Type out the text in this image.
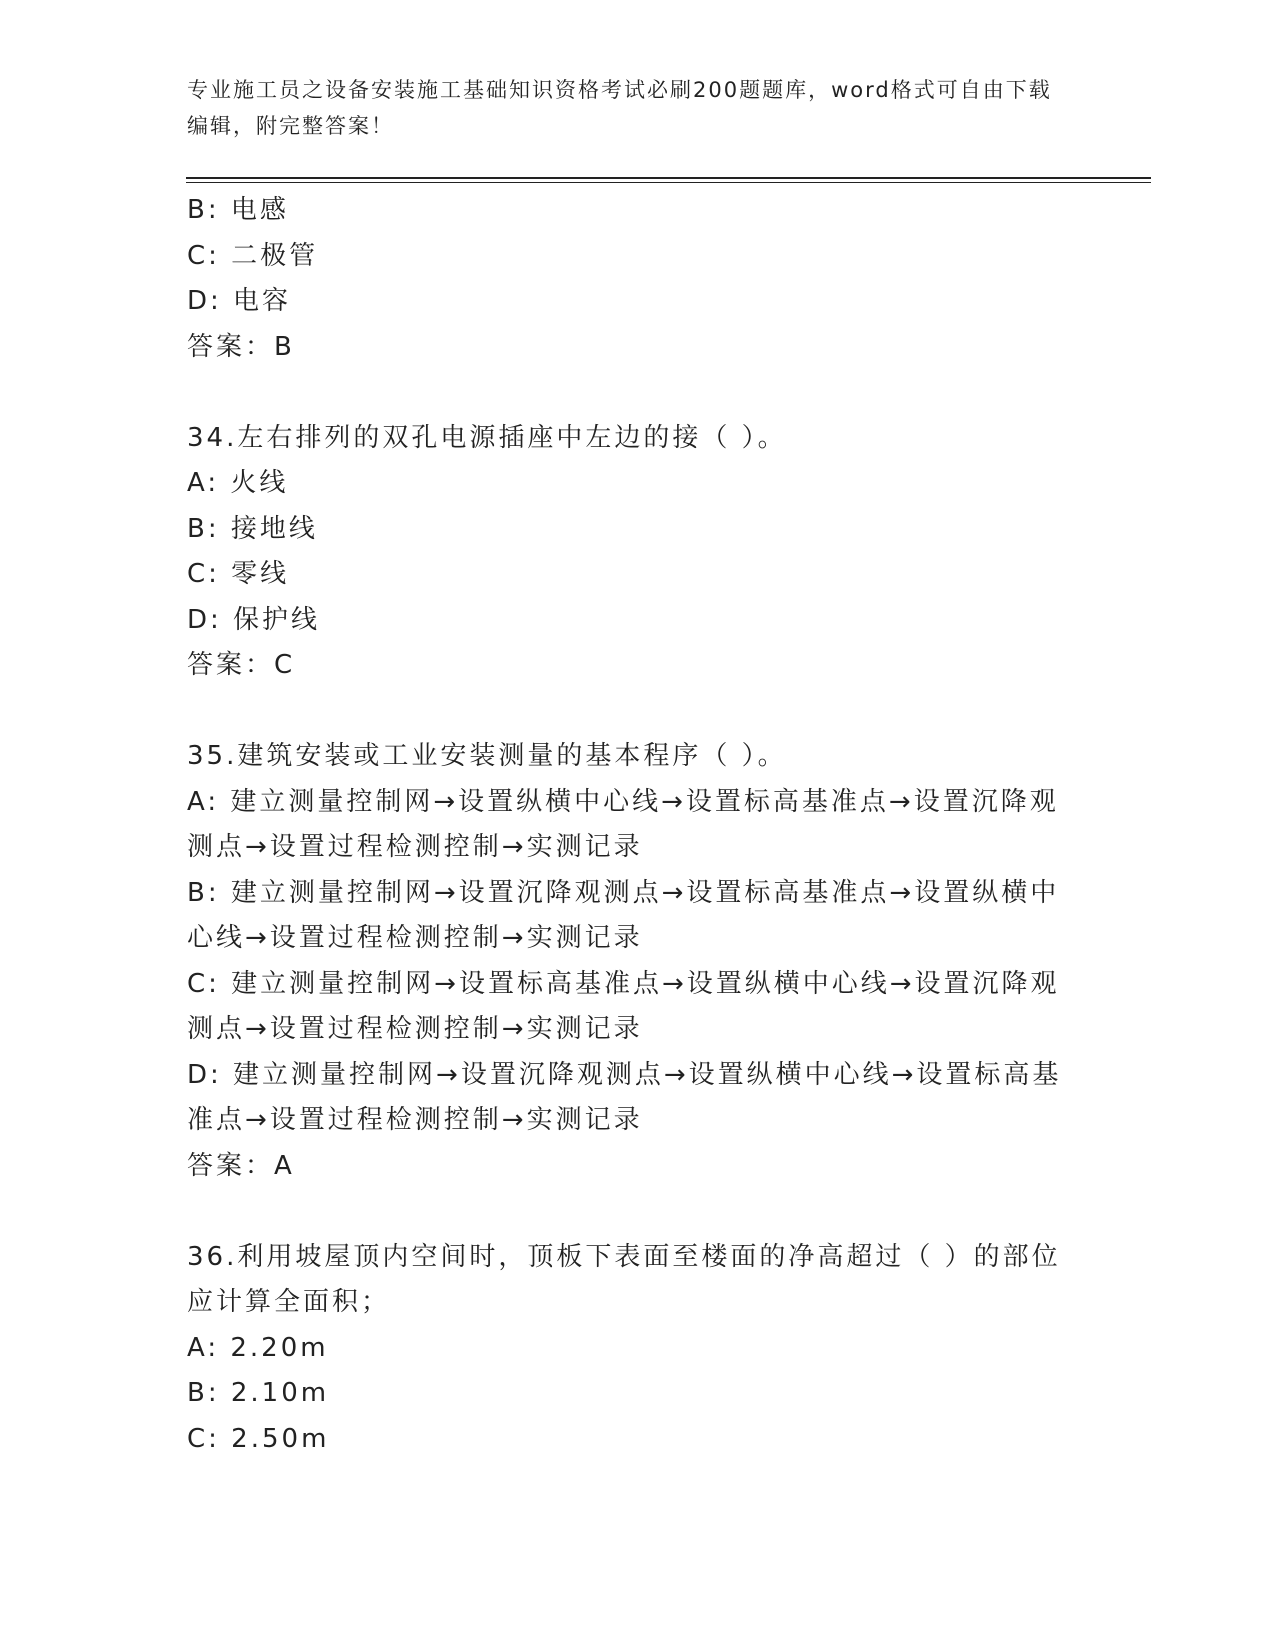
专业施工员之设备安装施工基础知识资格考试必刷200题题库，word格式可自由下载编辑，附完整答案！
B: 电感
C: 二极管
D: 电容
答案：B
34.左右排列的双孔电源插座中左边的接（ ）。
A: 火线
B: 接地线
C: 零线
D: 保护线
答案：C
35.建筑安装或工业安装测量的基本程序（ ）。
A: 建立测量控制网→设置纵横中心线→设置标高基准点→设置沉降观测点→设置过程检测控制→实测记录
B: 建立测量控制网→设置沉降观测点→设置标高基准点→设置纵横中心线→设置过程检测控制→实测记录
C: 建立测量控制网→设置标高基准点→设置纵横中心线→设置沉降观测点→设置过程检测控制→实测记录
D: 建立测量控制网→设置沉降观测点→设置纵横中心线→设置标高基准点→设置过程检测控制→实测记录
答案：A
36.利用坡屋顶内空间时，顶板下表面至楼面的净高超过（ ）的部位应计算全面积；
A: 2.20m
B: 2.10m
C: 2.50m
